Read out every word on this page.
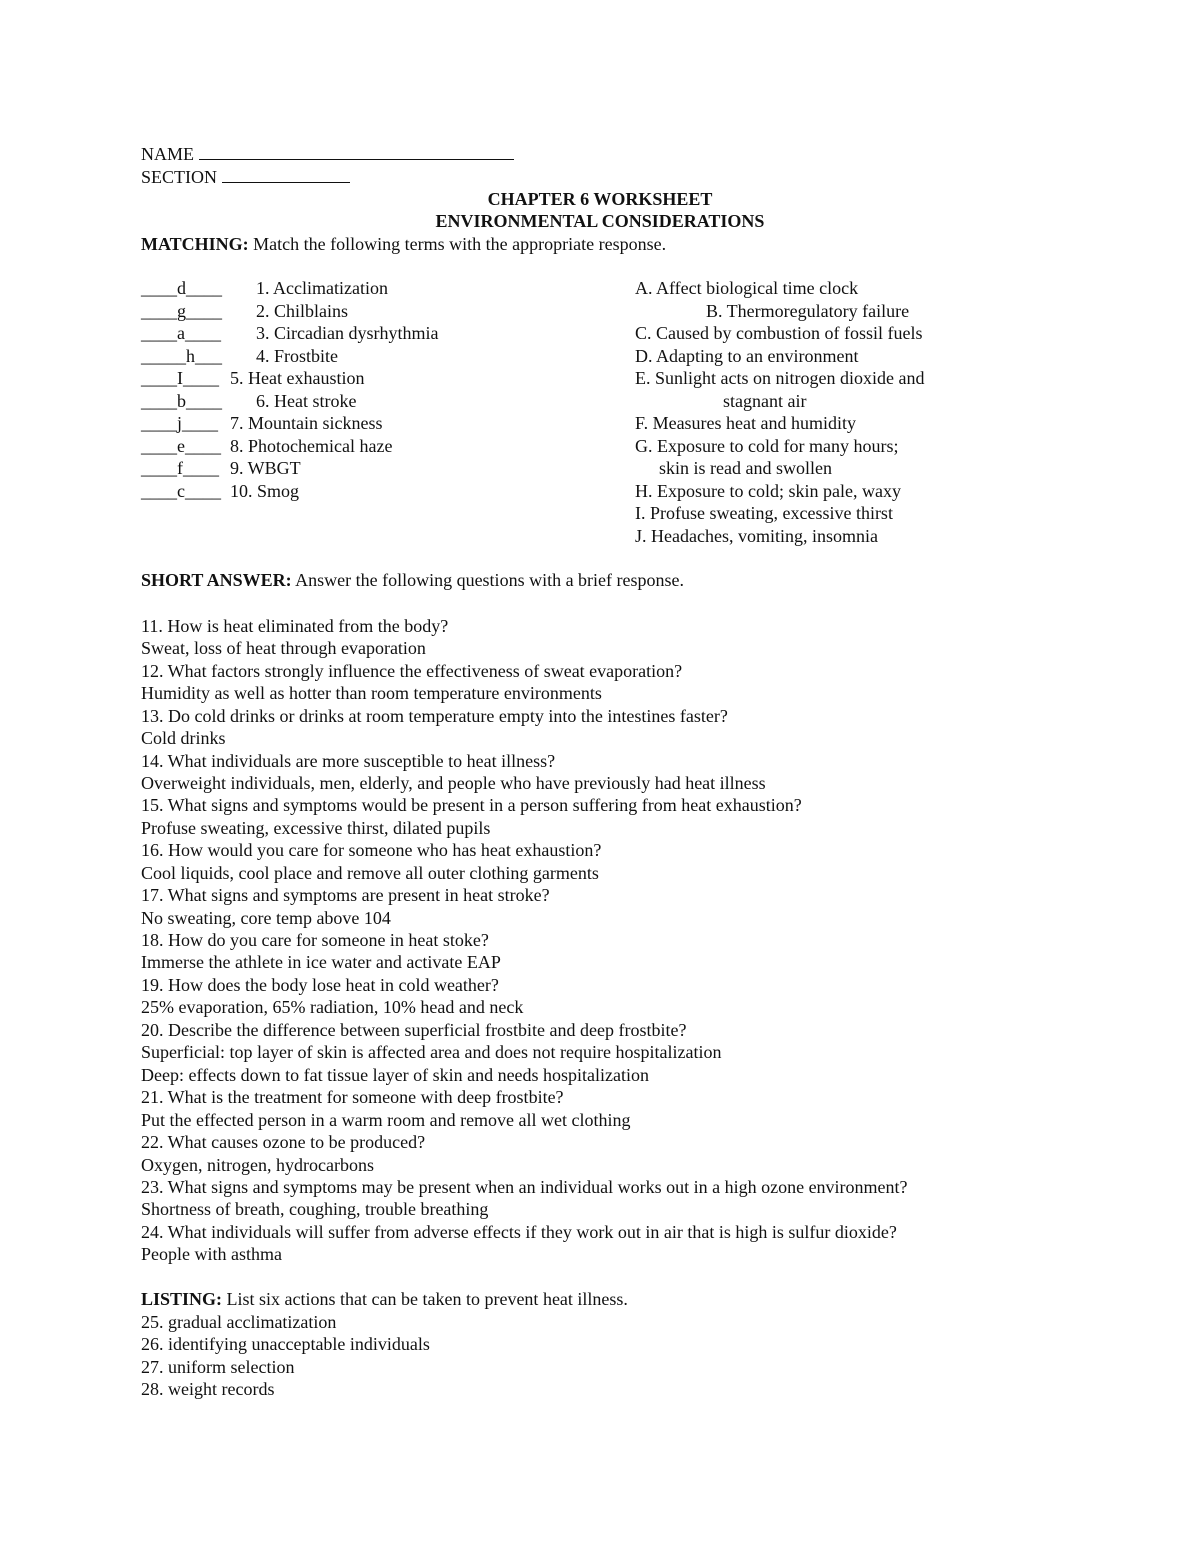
NAME
SECTION
CHAPTER 6 WORKSHEET
ENVIRONMENTAL CONSIDERATIONS
MATCHING: Match the following terms with the appropriate response.
____d____ 1. Acclimatization
____g____ 2. Chilblains
____a____ 3. Circadian dysrhythmia
_____h___ 4. Frostbite
____I____ 5. Heat exhaustion
____b____ 6. Heat stroke
____j____ 7. Mountain sickness
____e____ 8. Photochemical haze
____f____ 9. WBGT
____c____ 10. Smog
A. Affect biological time clock
B. Thermoregulatory failure
C. Caused by combustion of fossil fuels
D. Adapting to an environment
E. Sunlight acts on nitrogen dioxide and
stagnant air
F. Measures heat and humidity
G. Exposure to cold for many hours;
skin is read and swollen
H. Exposure to cold; skin pale, waxy
I. Profuse sweating, excessive thirst
J. Headaches, vomiting, insomnia
SHORT ANSWER: Answer the following questions with a brief response.
11. How is heat eliminated from the body?
Sweat, loss of heat through evaporation
12. What factors strongly influence the effectiveness of sweat evaporation?
Humidity as well as hotter than room temperature environments
13. Do cold drinks or drinks at room temperature empty into the intestines faster?
Cold drinks
14. What individuals are more susceptible to heat illness?
Overweight individuals, men, elderly, and people who have previously had heat illness
15. What signs and symptoms would be present in a person suffering from heat exhaustion?
Profuse sweating, excessive thirst, dilated pupils
16. How would you care for someone who has heat exhaustion?
Cool liquids, cool place and remove all outer clothing garments
17. What signs and symptoms are present in heat stroke?
No sweating, core temp above 104
18. How do you care for someone in heat stoke?
Immerse the athlete in ice water and activate EAP
19. How does the body lose heat in cold weather?
25% evaporation, 65% radiation, 10% head and neck
20. Describe the difference between superficial frostbite and deep frostbite?
Superficial: top layer of skin is affected area and does not require hospitalization
Deep: effects down to fat tissue layer of skin and needs hospitalization
21. What is the treatment for someone with deep frostbite?
Put the effected person in a warm room and remove all wet clothing
22. What causes ozone to be produced?
Oxygen, nitrogen, hydrocarbons
23. What signs and symptoms may be present when an individual works out in a high ozone environment?
Shortness of breath, coughing, trouble breathing
24. What individuals will suffer from adverse effects if they work out in air that is high is sulfur dioxide?
People with asthma
LISTING: List six actions that can be taken to prevent heat illness.
25. gradual acclimatization
26. identifying unacceptable individuals
27. uniform selection
28. weight records
